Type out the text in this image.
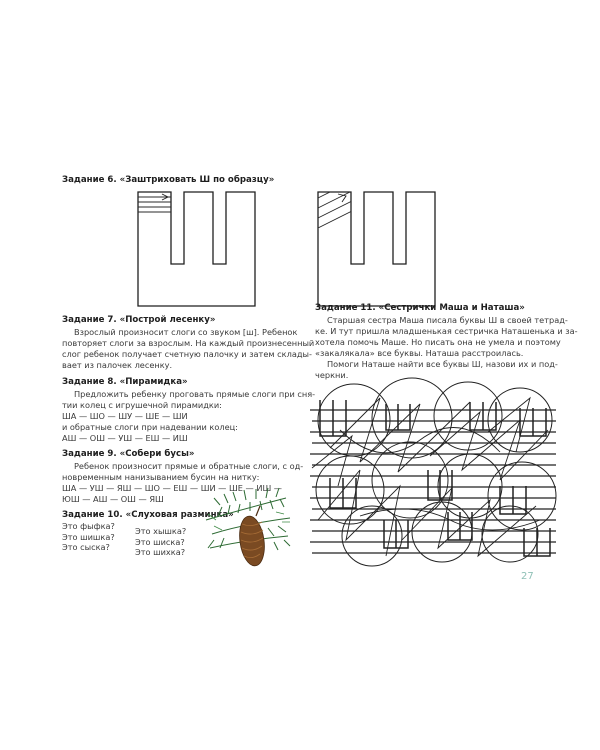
Задание 6. «Заштриховать Ш по образцу»
Задание 7. «Построй лесенку»
Взрослый произносит слоги со звуком [ш]. Ребенок
повторяет слоги за взрослым. На каждый произнесенный
слог ребенок получает счетную палочку и затем склады-
вает из палочек лесенку.
Задание 8. «Пирамидка»
Предложить ребенку проговать прямые слоги при сня-
тии колец с игрушечной пирамидки:
ША — ШО — ШУ — ШЕ — ШИ
и обратные слоги при надевании колец:
АШ — ОШ — УШ — ЕШ — ИШ
Задание 9. «Собери бусы»
Ребенок произносит прямые и обратные слоги, с од-
новременным нанизыванием бусин на нитку:
ША — УШ — ЯШ — ШО — ЕШ — ШИ — ШЕ — ИШ —
ЮШ — АШ — ОШ — ЯШ
Задание 10. «Слуховая разминка»
Это фыфка?
Это шишка?
Это сыска?
Это хышка?
Это шиска?
Это шихка?
Задание 11. «Сестрички Маша и Наташа»
Старшая сестра Маша писала буквы Ш в своей тетрад-
ке. И тут пришла младшенькая сестричка Наташенька и за-
хотела помочь Маше. Но писать она не умела и поэтому
«закалякала» все буквы. Наташа расстроилась.
Помоги Наташе найти все буквы Ш, назови их и под-
черкни.
27
